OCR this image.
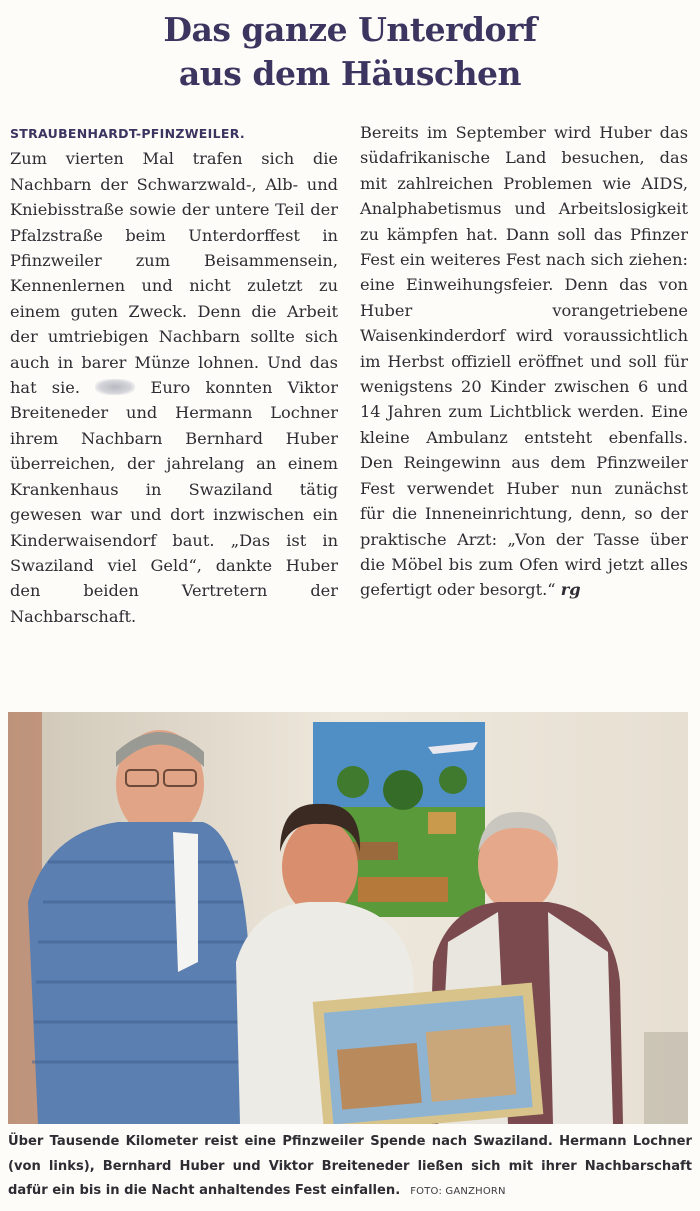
Das ganze Unterdorf
aus dem Häuschen

STRAUBENHARDT-PFINZWEILER.
Zum vierten Mal trafen sich die Nachbarn der Schwarzwald-, Alb- und Kniebisstraße sowie der untere Teil der Pfalzstraße beim Unterdorffest in Pfinzweiler zum Beisammensein, Kennenlernen und nicht zuletzt zu einem guten Zweck. Denn die Arbeit der umtriebigen Nachbarn sollte sich auch in barer Münze lohnen. Und das hat sie.	Euro konnten Viktor Breiteneder und Hermann Lochner ihrem Nachbarn Bernhard Huber überreichen, der jahrelang an einem Krankenhaus in Swaziland tätig gewesen war und dort inzwischen ein Kinderwaisendorf baut. „Das ist in Swaziland viel Geld“, dankte Huber den beiden Vertretern der Nachbarschaft.

Bereits im September wird Huber das südafrikanische Land besuchen, das mit zahlreichen Problemen wie AIDS, Analphabetismus und Arbeitslosigkeit zu kämpfen hat. Dann soll das Pfinzer Fest ein weiteres Fest nach sich ziehen: eine Einweihungsfeier. Denn das von Huber vorangetriebene Waisenkinderdorf wird voraussichtlich im Herbst offiziell eröffnet und soll für wenigstens 20 Kinder zwischen 6 und 14 Jahren zum Lichtblick werden. Eine kleine Ambulanz entsteht ebenfalls. Den Reingewinn aus dem Pfinzweiler Fest verwendet Huber nun zunächst für die Inneneinrichtung, denn, so der praktische Arzt: „Von der Tasse über die Möbel bis zum Ofen wird jetzt alles gefertigt oder besorgt.“ rg

Über Tausende Kilometer reist eine Pfinzweiler Spende nach Swaziland. Hermann Lochner (von links), Bernhard Huber und Viktor Breiteneder ließen sich mit ihrer Nachbarschaft dafür ein bis in die Nacht anhaltendes Fest einfallen. FOTO: GANZHORN
